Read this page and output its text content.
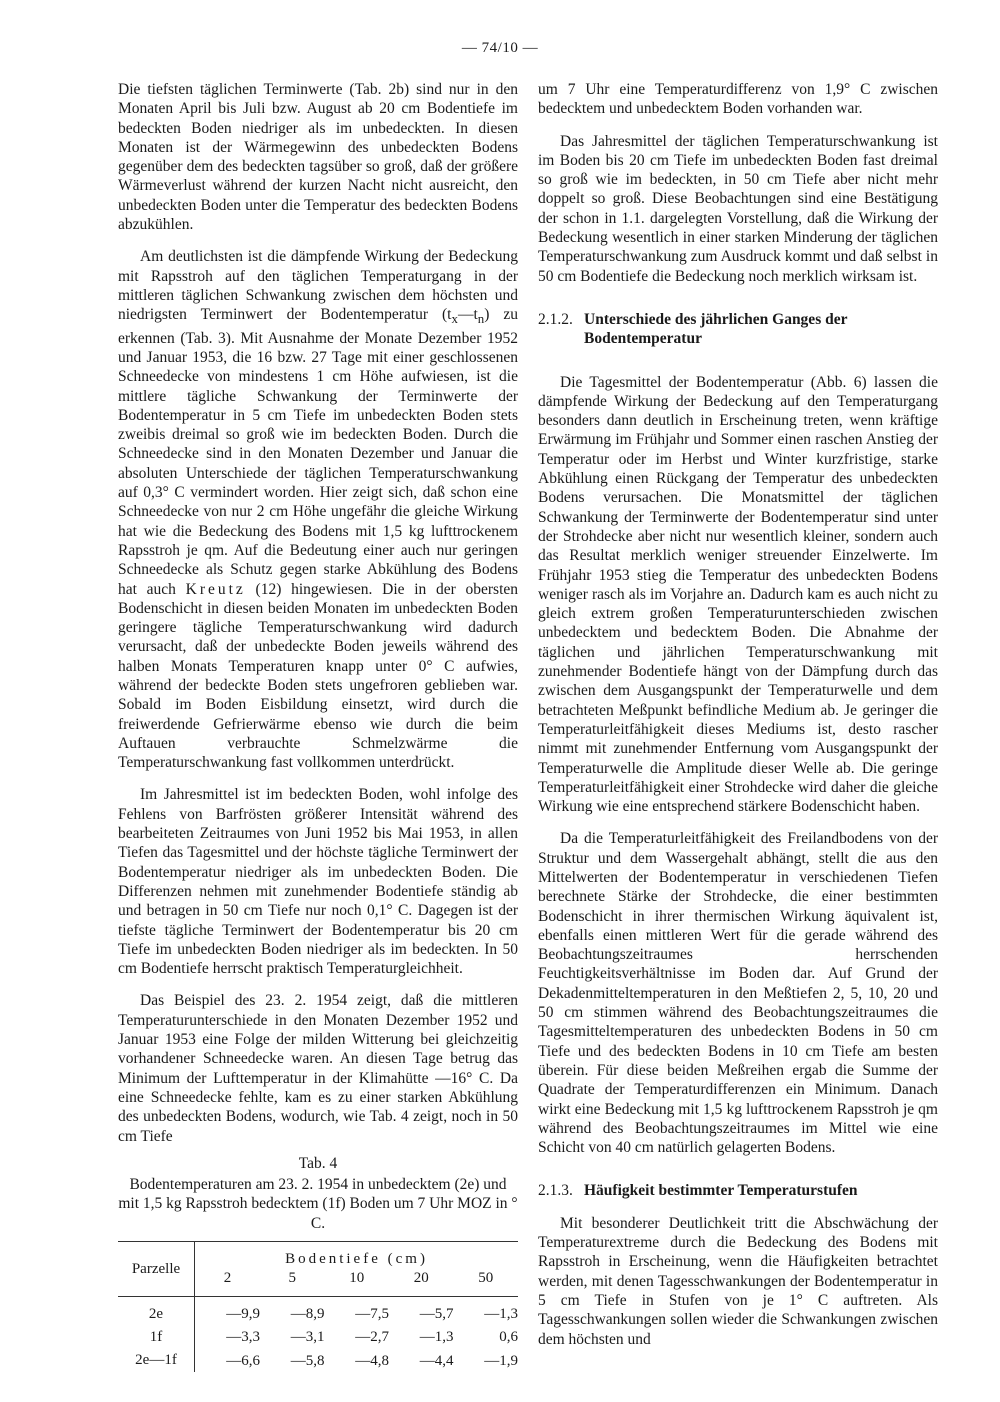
— 74/10 —

Die tiefsten täglichen Terminwerte (Tab. 2b) sind nur in den Monaten April bis Juli bzw. August ab 20 cm Bodentiefe im bedeckten Boden niedriger als im unbedeckten. In diesen Monaten ist der Wärmegewinn des unbedeckten Bodens gegenüber dem des bedeckten tagsüber so groß, daß der größere Wärmeverlust während der kurzen Nacht nicht ausreicht, den unbedeckten Boden unter die Temperatur des bedeckten Bodens abzukühlen.

Am deutlichsten ist die dämpfende Wirkung der Bedeckung mit Rapsstroh auf den täglichen Temperaturgang in der mittleren täglichen Schwankung zwischen dem höchsten und niedrigsten Terminwert der Bodentemperatur $(t_x—t_n)$ zu erkennen (Tab. 3). Mit Ausnahme der Monate Dezember 1952 und Januar 1953, die 16 bzw. 27 Tage mit einer geschlossenen Schneedecke von mindestens 1 cm Höhe aufwiesen, ist die mittlere tägliche Schwankung der Terminwerte der Bodentemperatur in 5 cm Tiefe im unbedeckten Boden stets zweibis dreimal so groß wie im bedeckten Boden. Durch die Schneedecke sind in den Monaten Dezember und Januar die absoluten Unterschiede der täglichen Temperaturschwankung auf 0,3° C vermindert worden. Hier zeigt sich, daß schon eine Schneedecke von nur 2 cm Höhe ungefähr die gleiche Wirkung hat wie die Bedeckung des Bodens mit 1,5 kg lufttrockenem Rapsstroh je qm. Auf die Bedeutung einer auch nur geringen Schneedecke als Schutz gegen starke Abkühlung des Bodens hat auch Kreutz (12) hingewiesen. Die in der obersten Bodenschicht in diesen beiden Monaten im unbedeckten Boden geringere tägliche Temperaturschwankung wird dadurch verursacht, daß der unbedeckte Boden jeweils während des halben Monats Temperaturen knapp unter 0° C aufwies, während der bedeckte Boden stets ungefroren geblieben war. Sobald im Boden Eisbildung einsetzt, wird durch die freiwerdende Gefrierwärme ebenso wie durch die beim Auftauen verbrauchte Schmelzwärme die Temperaturschwankung fast vollkommen unterdrückt.

Im Jahresmittel ist im bedeckten Boden, wohl infolge des Fehlens von Barfrösten größerer Intensität während des bearbeiteten Zeitraumes von Juni 1952 bis Mai 1953, in allen Tiefen das Tagesmittel und der höchste tägliche Terminwert der Bodentemperatur niedriger als im unbedeckten Boden. Die Differenzen nehmen mit zunehmender Bodentiefe ständig ab und betragen in 50 cm Tiefe nur noch 0,1° C. Dagegen ist der tiefste tägliche Terminwert der Bodentemperatur bis 20 cm Tiefe im unbedeckten Boden niedriger als im bedeckten. In 50 cm Bodentiefe herrscht praktisch Temperaturgleichheit.

Das Beispiel des 23. 2. 1954 zeigt, daß die mittleren Temperaturunterschiede in den Monaten Dezember 1952 und Januar 1953 eine Folge der milden Witterung bei gleichzeitig vorhandener Schneedecke waren. An diesen Tage betrug das Minimum der Lufttemperatur in der Klimahütte —16° C. Da eine Schneedecke fehlte, kam es zu einer starken Abkühlung des unbedeckten Bodens, wodurch, wie Tab. 4 zeigt, noch in 50 cm Tiefe

Tab. 4
Bodentemperaturen am 23. 2. 1954 in unbedecktem (2e) und mit 1,5 kg Rapsstroh bedecktem (1f) Boden um 7 Uhr MOZ in ° C.
Parzelle	Bodentiefe (cm)				
	2	5	10	20	50
2e	—9,9	—8,9	—7,5	—5,7	—1,3
1f	—3,3	—3,1	—2,7	—1,3	0,6
2e—1f	—6,6	—5,8	—4,8	—4,4	—1,9

um 7 Uhr eine Temperaturdifferenz von 1,9° C zwischen bedecktem und unbedecktem Boden vorhanden war.

Das Jahresmittel der täglichen Temperaturschwankung ist im Boden bis 20 cm Tiefe im unbedeckten Boden fast dreimal so groß wie im bedeckten, in 50 cm Tiefe aber nicht mehr doppelt so groß. Diese Beobachtungen sind eine Bestätigung der schon in 1.1. dargelegten Vorstellung, daß die Wirkung der Bedeckung wesentlich in einer starken Minderung der täglichen Temperaturschwankung zum Ausdruck kommt und daß selbst in 50 cm Bodentiefe die Bedeckung noch merklich wirksam ist.

2.1.2. Unterschiede des jährlichen Ganges der Bodentemperatur

Die Tagesmittel der Bodentemperatur (Abb. 6) lassen die dämpfende Wirkung der Bedeckung auf den Temperaturgang besonders dann deutlich in Erscheinung treten, wenn kräftige Erwärmung im Frühjahr und Sommer einen raschen Anstieg der Temperatur oder im Herbst und Winter kurzfristige, starke Abkühlung einen Rückgang der Temperatur des unbedeckten Bodens verursachen. Die Monatsmittel der täglichen Schwankung der Terminwerte der Bodentemperatur sind unter der Strohdecke aber nicht nur wesentlich kleiner, sondern auch das Resultat merklich weniger streuender Einzelwerte. Im Frühjahr 1953 stieg die Temperatur des unbedeckten Bodens weniger rasch als im Vorjahre an. Dadurch kam es auch nicht zu gleich extrem großen Temperaturunterschieden zwischen unbedecktem und bedecktem Boden. Die Abnahme der täglichen und jährlichen Temperaturschwankung mit zunehmender Bodentiefe hängt von der Dämpfung durch das zwischen dem Ausgangspunkt der Temperaturwelle und dem betrachteten Meßpunkt befindliche Medium ab. Je geringer die Temperaturleitfähigkeit dieses Mediums ist, desto rascher nimmt mit zunehmender Entfernung vom Ausgangspunkt der Temperaturwelle die Amplitude dieser Welle ab. Die geringe Temperaturleitfähigkeit einer Strohdecke wird daher die gleiche Wirkung wie eine entsprechend stärkere Bodenschicht haben.

Da die Temperaturleitfähigkeit des Freilandbodens von der Struktur und dem Wassergehalt abhängt, stellt die aus den Mittelwerten der Bodentemperatur in verschiedenen Tiefen berechnete Stärke der Strohdecke, die einer bestimmten Bodenschicht in ihrer thermischen Wirkung äquivalent ist, ebenfalls einen mittleren Wert für die gerade während des Beobachtungszeitraumes herrschenden Feuchtigkeitsverhältnisse im Boden dar. Auf Grund der Dekadenmitteltemperaturen in den Meßtiefen 2, 5, 10, 20 und 50 cm stimmen während des Beobachtungszeitraumes die Tagesmitteltemperaturen des unbedeckten Bodens in 50 cm Tiefe und des bedeckten Bodens in 10 cm Tiefe am besten überein. Für diese beiden Meßreihen ergab die Summe der Quadrate der Temperaturdifferenzen ein Minimum. Danach wirkt eine Bedeckung mit 1,5 kg lufttrockenem Rapsstroh je qm während des Beobachtungszeitraumes im Mittel wie eine Schicht von 40 cm natürlich gelagerten Bodens.

2.1.3. Häufigkeit bestimmter Temperaturstufen

Mit besonderer Deutlichkeit tritt die Abschwächung der Temperaturextreme durch die Bedeckung des Bodens mit Rapsstroh in Erscheinung, wenn die Häufigkeiten betrachtet werden, mit denen Tagesschwankungen der Bodentemperatur in 5 cm Tiefe in Stufen von je 1° C auftreten. Als Tagesschwankungen sollen wieder die Schwankungen zwischen dem höchsten und
